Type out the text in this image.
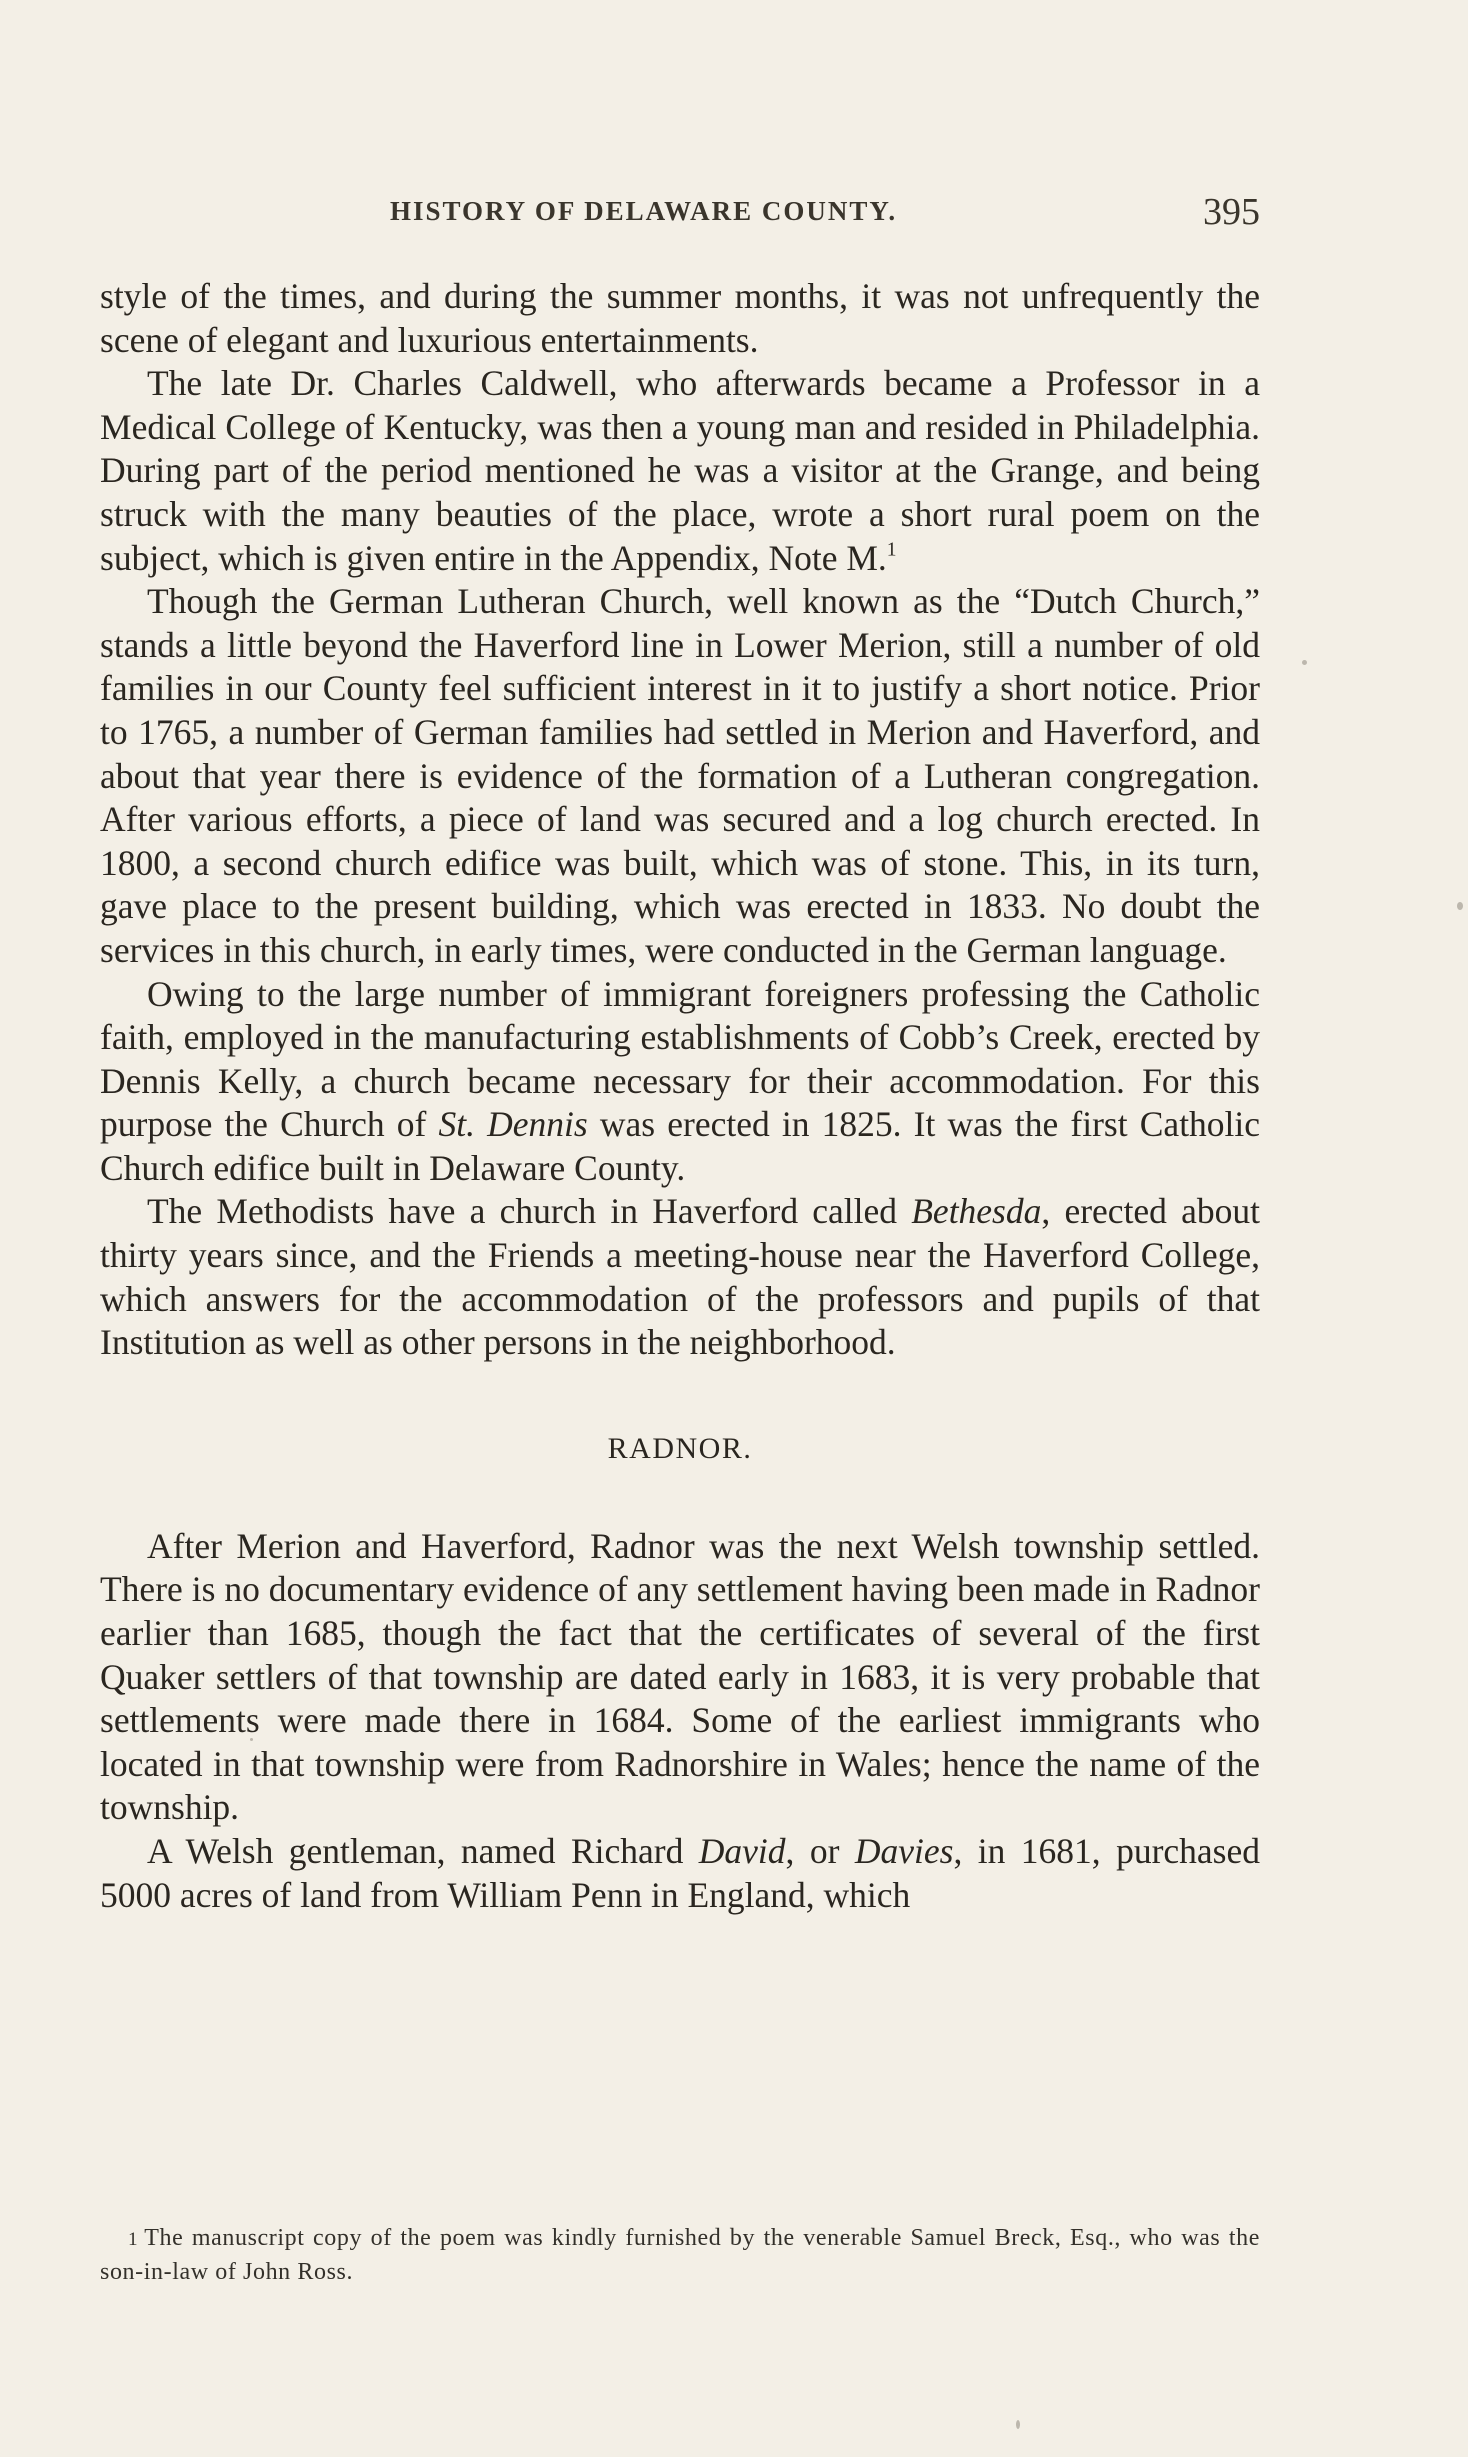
HISTORY OF DELAWARE COUNTY.	395

style of the times, and during the summer months, it was not unfrequently the scene of elegant and luxurious entertainments.

The late Dr. Charles Caldwell, who afterwards became a Professor in a Medical College of Kentucky, was then a young man and resided in Philadelphia. During part of the period mentioned he was a visitor at the Grange, and being struck with the many beauties of the place, wrote a short rural poem on the subject, which is given entire in the Appendix, Note M.$^1$

Though the German Lutheran Church, well known as the “Dutch Church,” stands a little beyond the Haverford line in Lower Merion, still a number of old families in our County feel sufficient interest in it to justify a short notice. Prior to 1765, a number of German families had settled in Merion and Haverford, and about that year there is evidence of the formation of a Lutheran congregation. After various efforts, a piece of land was secured and a log church erected. In 1800, a second church edifice was built, which was of stone. This, in its turn, gave place to the present building, which was erected in 1833. No doubt the services in this church, in early times, were conducted in the German language.

Owing to the large number of immigrant foreigners professing the Catholic faith, employed in the manufacturing establishments of Cobb’s Creek, erected by Dennis Kelly, a church became necessary for their accommodation. For this purpose the Church of St. Dennis was erected in 1825. It was the first Catholic Church edifice built in Delaware County.

The Methodists have a church in Haverford called Bethesda, erected about thirty years since, and the Friends a meeting-house near the Haverford College, which answers for the accommodation of the professors and pupils of that Institution as well as other persons in the neighborhood.

RADNOR.

After Merion and Haverford, Radnor was the next Welsh township settled. There is no documentary evidence of any settlement having been made in Radnor earlier than 1685, though the fact that the certificates of several of the first Quaker settlers of that township are dated early in 1683, it is very probable that settlements were made there in 1684. Some of the earliest immigrants who located in that township were from Radnorshire in Wales; hence the name of the township.

A Welsh gentleman, named Richard David, or Davies, in 1681, purchased 5000 acres of land from William Penn in England, which

1 The manuscript copy of the poem was kindly furnished by the venerable Samuel Breck, Esq., who was the son-in-law of John Ross.
